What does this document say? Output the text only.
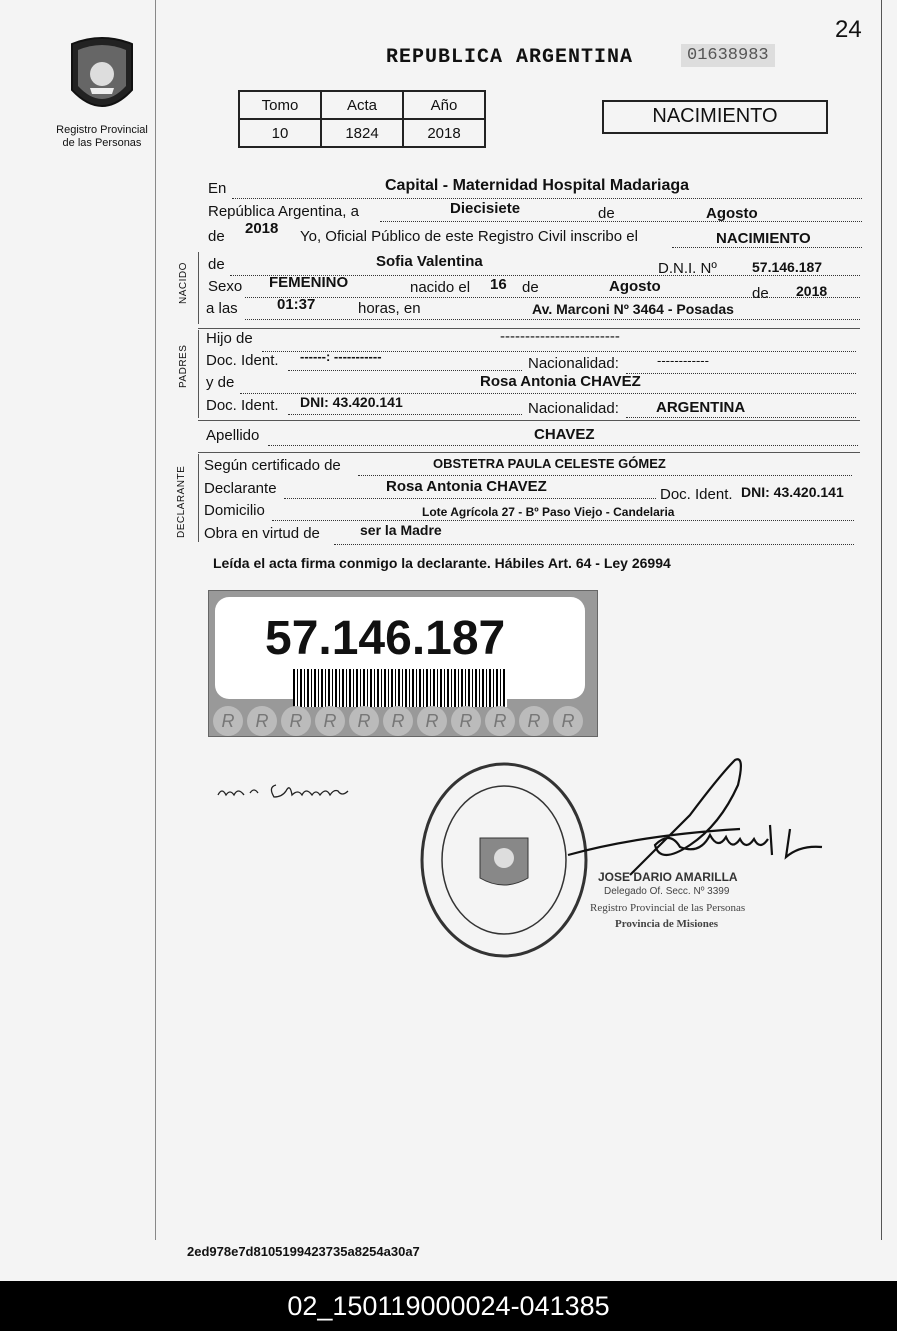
24
Registro Provincial
de las Personas
REPUBLICA ARGENTINA	01638983
Tomo	Acta	Año
10	1824	2018
NACIMIENTO
En	Capital - Maternidad Hospital Madariaga
República Argentina, a	Diecisiete	de	Agosto
de 2018 Yo, Oficial Público de este Registro Civil inscribo el	NACIMIENTO
NACIDO de	Sofia Valentina	D.N.I. Nº	57.146.187
Sexo FEMENINO	nacido el 16 de	Agosto	de 2018
a las	01:37	horas, en	Av. Marconi Nº 3464 - Posadas
PADRES
Hijo de	------------------------
Doc. Ident. ------: -----------	Nacionalidad:	------------
y de	Rosa Antonia CHAVEZ
Doc. Ident. DNI: 43.420.141	Nacionalidad: ARGENTINA
Apellido	CHAVEZ
DECLARANTE
Según certificado de	OBSTETRA PAULA CELESTE GÓMEZ
Declarante	Rosa Antonia CHAVEZ	Doc. Ident. DNI: 43.420.141
Domicilio	Lote Agrícola 27 - Bº Paso Viejo - Candelaria
Obra en virtud de	ser la Madre
Leída el acta firma conmigo la declarante. Hábiles Art. 64 - Ley 26994
57.146.187
R R R R R R R R R R R
JOSE DARIO AMARILLA
Delegado Of. Secc. Nº 3399
Registro Provincial de las Personas
Provincia de Misiones
2ed978e7d8105199423735a8254a30a7
02_150119000024-041385
